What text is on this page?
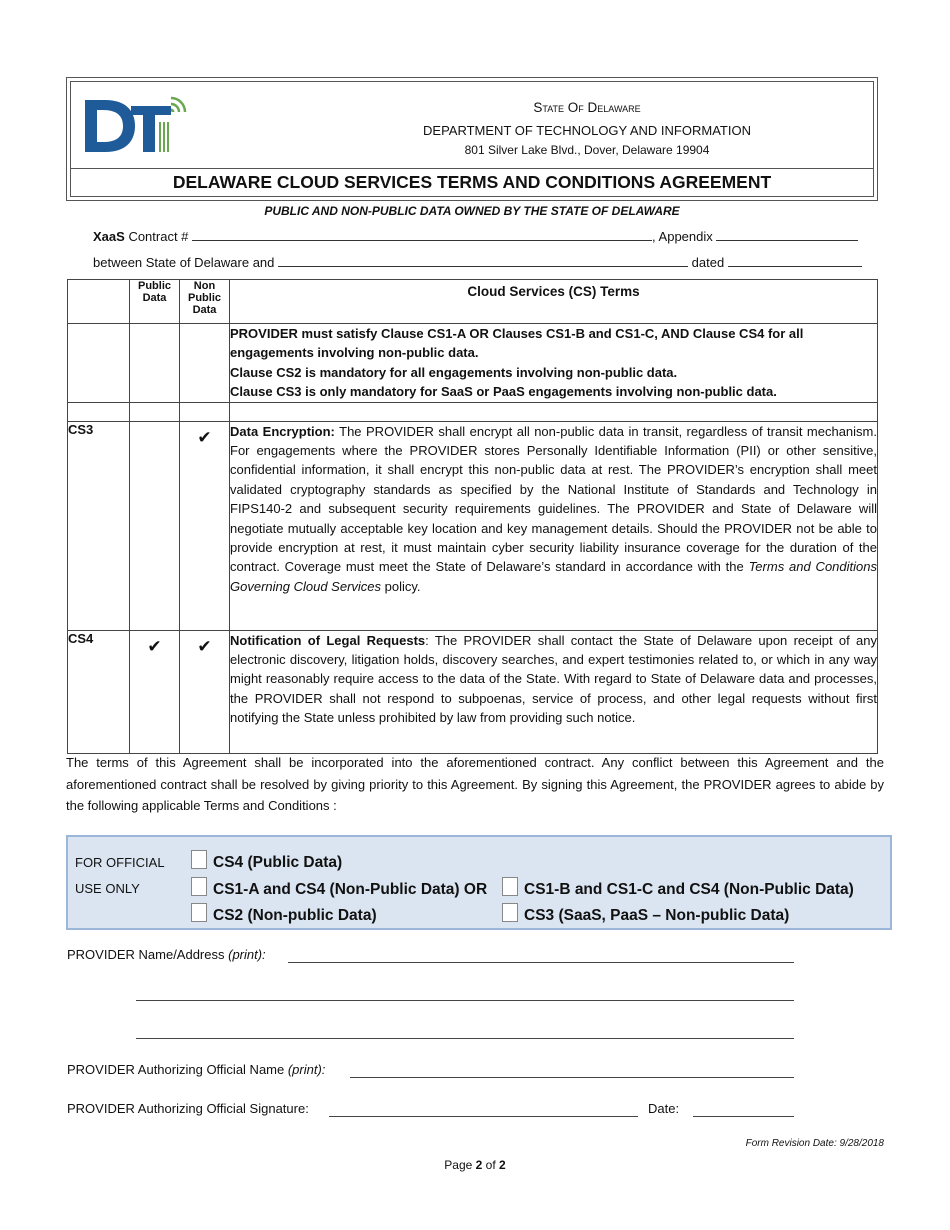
State Of Delaware
DEPARTMENT OF TECHNOLOGY AND INFORMATION
801 Silver Lake Blvd., Dover, Delaware 19904
DELAWARE CLOUD SERVICES TERMS AND CONDITIONS AGREEMENT
PUBLIC AND NON-PUBLIC DATA OWNED BY THE STATE OF DELAWARE
XaaS Contract #	, Appendix
between State of Delaware and	dated

	Public Data	Non Public Data	Cloud Services (CS) Terms

			PROVIDER must satisfy Clause CS1-A OR Clauses CS1-B and CS1-C, AND Clause CS4 for all engagements involving non-public data.
Clause CS2 is mandatory for all engagements involving non-public data.
Clause CS3 is only mandatory for SaaS or PaaS engagements involving non-public data.

CS3		✔	Data Encryption: The PROVIDER shall encrypt all non-public data in transit, regardless of transit mechanism. For engagements where the PROVIDER stores Personally Identifiable Information (PII) or other sensitive, confidential information, it shall encrypt this non-public data at rest. The PROVIDER’s encryption shall meet validated cryptography standards as specified by the National Institute of Standards and Technology in FIPS140-2 and subsequent security requirements guidelines. The PROVIDER and State of Delaware will negotiate mutually acceptable key location and key management details. Should the PROVIDER not be able to provide encryption at rest, it must maintain cyber security liability insurance coverage for the duration of the contract. Coverage must meet the State of Delaware’s standard in accordance with the Terms and Conditions Governing Cloud Services policy.
CS4	✔	✔	Notification of Legal Requests: The PROVIDER shall contact the State of Delaware upon receipt of any electronic discovery, litigation holds, discovery searches, and expert testimonies related to, or which in any way might reasonably require access to the data of the State. With regard to State of Delaware data and processes, the PROVIDER shall not respond to subpoenas, service of process, and other legal requests without first notifying the State unless prohibited by law from providing such notice.
The terms of this Agreement shall be incorporated into the aforementioned contract. Any conflict between this Agreement and the aforementioned contract shall be resolved by giving priority to this Agreement. By signing this Agreement, the PROVIDER agrees to abide by the following applicable Terms and Conditions :
FOR OFFICIAL
USE ONLY
CS4 (Public Data)
CS1-A and CS4 (Non-Public Data) OR	CS1-B and CS1-C and CS4 (Non-Public Data)
CS2 (Non-public Data)	CS3 (SaaS, PaaS – Non-public Data)
PROVIDER Name/Address (print):
PROVIDER Authorizing Official Name (print):
PROVIDER Authorizing Official Signature:	Date:
Form Revision Date: 9/28/2018
Page 2 of 2
